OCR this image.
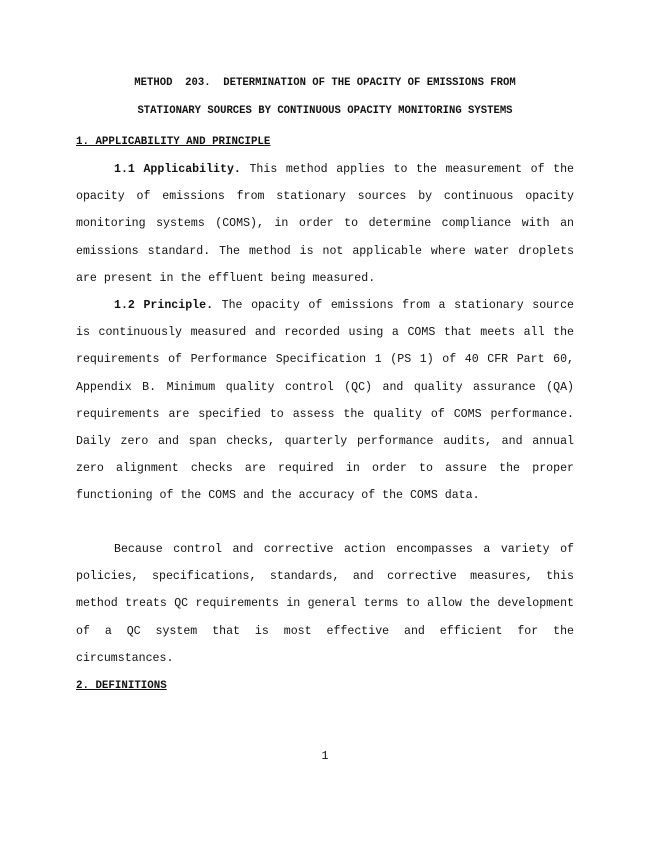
METHOD  203.  DETERMINATION OF THE OPACITY OF EMISSIONS FROM
STATIONARY SOURCES BY CONTINUOUS OPACITY MONITORING SYSTEMS
1. APPLICABILITY AND PRINCIPLE

1.1 Applicability. This method applies to the measurement of the opacity of emissions from stationary sources by continuous opacity monitoring systems (COMS), in order to determine compliance with an emissions standard. The method is not applicable where water droplets are present in the effluent being measured.

1.2 Principle. The opacity of emissions from a stationary source is continuously measured and recorded using a COMS that meets all the requirements of Performance Specification 1 (PS 1) of 40 CFR Part 60, Appendix B. Minimum quality control (QC) and quality assurance (QA) requirements are specified to assess the quality of COMS performance. Daily zero and span checks, quarterly performance audits, and annual zero alignment checks are required in order to assure the proper functioning of the COMS and the accuracy of the COMS data.

Because control and corrective action encompasses a variety of policies, specifications, standards, and corrective measures, this method treats QC requirements in general terms to allow the development of a QC system that is most effective and efficient for the circumstances.

2. DEFINITIONS
1
